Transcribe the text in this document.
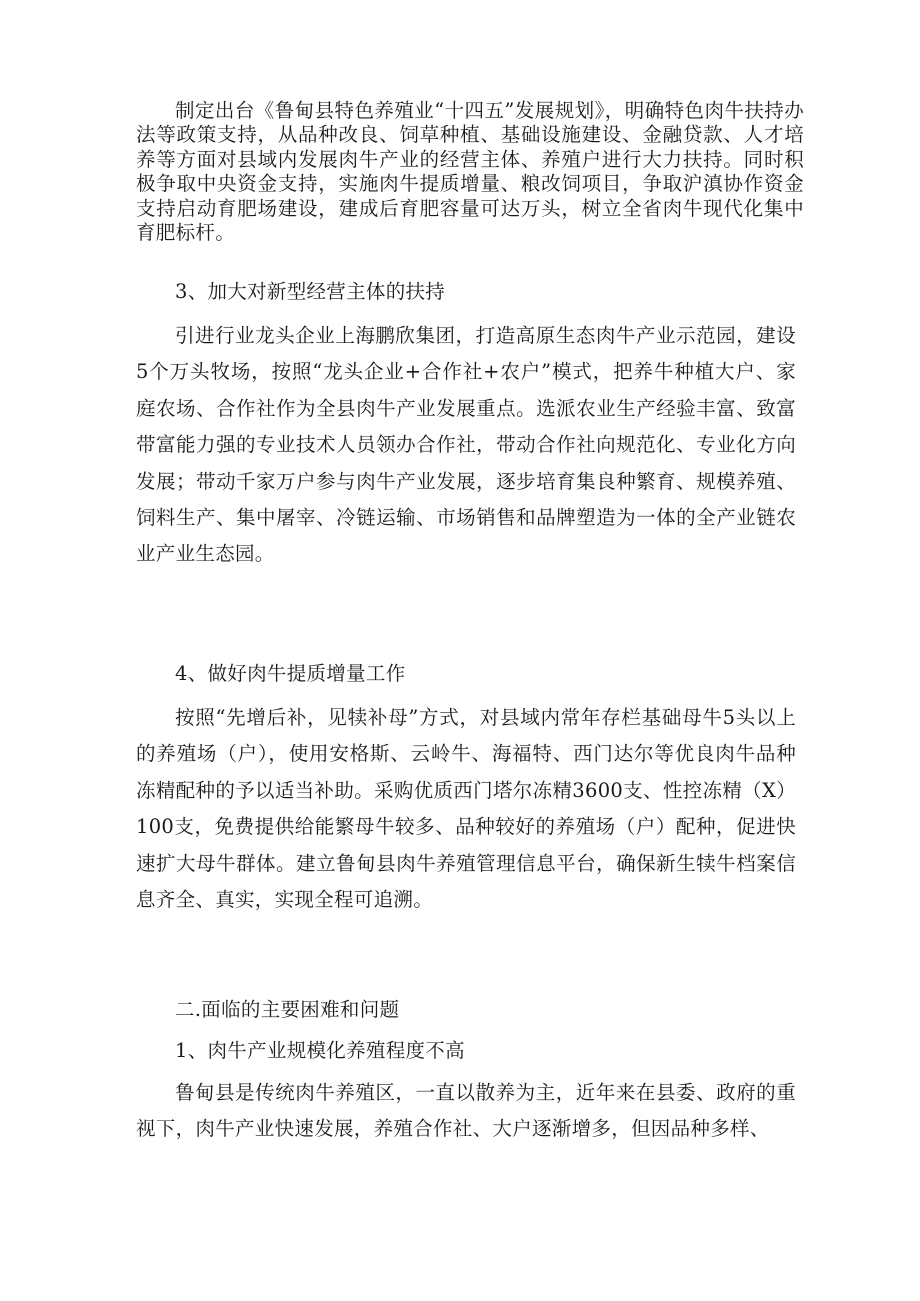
制定出台《鲁甸县特色养殖业“十四五”发展规划》，明确特色肉牛扶持办法等政策支持，从品种改良、饲草种植、基础设施建设、金融贷款、人才培养等方面对县域内发展肉牛产业的经营主体、养殖户进行大力扶持。同时积极争取中央资金支持，实施肉牛提质增量、粮改饲项目，争取沪滇协作资金支持启动育肥场建设，建成后育肥容量可达万头，树立全省肉牛现代化集中育肥标杆。

3、加大对新型经营主体的扶持

引进行业龙头企业上海鹏欣集团，打造高原生态肉牛产业示范园，建设5个万头牧场，按照“龙头企业+合作社+农户”模式，把养牛种植大户、家庭农场、合作社作为全县肉牛产业发展重点。选派农业生产经验丰富、致富带富能力强的专业技术人员领办合作社，带动合作社向规范化、专业化方向发展；带动千家万户参与肉牛产业发展，逐步培育集良种繁育、规模养殖、饲料生产、集中屠宰、冷链运输、市场销售和品牌塑造为一体的全产业链农业产业生态园。

4、做好肉牛提质增量工作

按照“先增后补，见犊补母”方式，对县域内常年存栏基础母牛5头以上的养殖场（户），使用安格斯、云岭牛、海福特、西门达尔等优良肉牛品种冻精配种的予以适当补助。采购优质西门塔尔冻精3600支、性控冻精（X）100支，免费提供给能繁母牛较多、品种较好的养殖场（户）配种，促进快速扩大母牛群体。建立鲁甸县肉牛养殖管理信息平台，确保新生犊牛档案信息齐全、真实，实现全程可追溯。

二.面临的主要困难和问题

1、肉牛产业规模化养殖程度不高

鲁甸县是传统肉牛养殖区，一直以散养为主，近年来在县委、政府的重视下，肉牛产业快速发展，养殖合作社、大户逐渐增多，但因品种多样、
